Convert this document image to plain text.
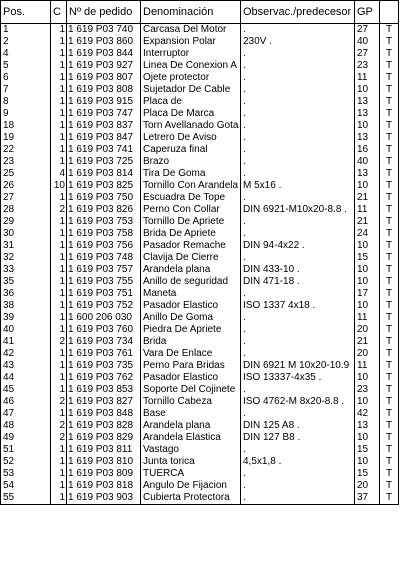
Pos.	C	Nº de pedido	Denominación	Observac./predecesor	GP	
1	1	1 619 P03 740	Carcasa Del Motor	.	27	T
2	1	1 619 P03 860	Expansion Polar	230V .	40	T
4	1	1 619 P03 844	Interruptor	.	27	T
5	1	1 619 P03 927	Linea De Conexion A	.	23	T
6	1	1 619 P03 807	Ojete protector	.	11	T
7	1	1 619 P03 808	Sujetador De Cable	.	10	T
8	1	1 619 P03 915	Placa de	.	13	T
9	1	1 619 P03 747	Placa De Marca	.	13	T
18	1	1 619 P03 837	Torn Avellanado Gota	.	10	T
19	1	1 619 P03 847	Letrero De Aviso	.	13	T
22	1	1 619 P03 741	Caperuza final	.	16	T
23	1	1 619 P03 725	Brazo	.	40	T
25	4	1 619 P03 814	Tira De Goma	.	13	T
26	10	1 619 P03 825	Tornillo Con Arandela	M 5x16 .	10	T
27	1	1 619 P03 750	Escuadra De Tope	.	21	T
28	2	1 619 P03 826	Perno Con Collar	DIN 6921-M10x20-8.8 .	11	T
29	1	1 619 P03 753	Tornillo De Apriete	.	21	T
30	1	1 619 P03 758	Brida De Apriete	.	24	T
31	1	1 619 P03 756	Pasador Remache	DIN 94-4x22 .	10	T
32	1	1 619 P03 748	Clavija De Cierre	.	15	T
33	1	1 619 P03 757	Arandela plana	DIN 433-10 .	10	T
35	1	1 619 P03 755	Anillo de seguridad	DIN 471-18 .	10	T
36	1	1 619 P03 751	Maneta	.	17	T
38	1	1 619 P03 752	Pasador Elastico	ISO 1337 4x18 .	10	T
39	1	1 600 206 030	Anillo De Goma	.	11	T
40	1	1 619 P03 760	Piedra De Apriete	.	20	T
41	2	1 619 P03 734	Brida	.	21	T
42	1	1 619 P03 761	Vara De Enlace	.	20	T
43	1	1 619 P03 735	Perno Para Bridas	DIN 6921 M 10x20-10.9	11	T
44	1	1 619 P03 762	Pasador Elastico	ISO 13337-4x35 .	10	T
45	1	1 619 P03 853	Soporte Del Cojinete	.	23	T
46	2	1 619 P03 827	Tornillo Cabeza	ISO 4762-M 8x20-8.8 .	10	T
47	1	1 619 P03 848	Base	.	42	T
48	2	1 619 P03 828	Arandela plana	DIN 125 A8 .	13	T
49	2	1 619 P03 829	Arandela Elastica	DIN 127 B8 .	10	T
51	1	1 619 P03 811	Vastago	.	15	T
52	1	1 619 P03 810	Junta torica	4,5x1,8 .	10	T
53	1	1 619 P03 809	TUERCA	.	15	T
54	1	1 619 P03 818	Angulo De Fijacion	.	20	T
55	1	1 619 P03 903	Cubierta Protectora	.	37	T
